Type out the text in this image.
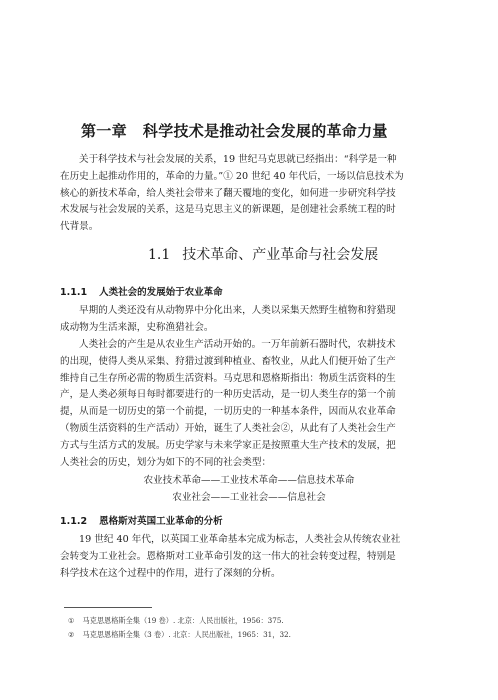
第一章 科学技术是推动社会发展的革命力量
关于科学技术与社会发展的关系，19 世纪马克思就已经指出：“科学是一种
在历史上起推动作用的，革命的力量。”① 20 世纪 40 年代后，一场以信息技术为
核心的新技术革命，给人类社会带来了翻天覆地的变化，如何进一步研究科学技
术发展与社会发展的关系，这是马克思主义的新课题，是创建社会系统工程的时
代背景。
1.1 技术革命、产业革命与社会发展
1.1.1 人类社会的发展始于农业革命
早期的人类还没有从动物界中分化出来，人类以采集天然野生植物和狩猎现
成动物为生活来源，史称渔猎社会。
人类社会的产生是从农业生产活动开始的。一万年前新石器时代，农耕技术
的出现，使得人类从采集、狩猎过渡到种植业、畜牧业，从此人们便开始了生产
维持自己生存所必需的物质生活资料。马克思和恩格斯指出：物质生活资料的生
产，是人类必须每日每时都要进行的一种历史活动，是一切人类生存的第一个前
提，从而是一切历史的第一个前提，一切历史的一种基本条件，因而从农业革命
（物质生活资料的生产活动）开始，诞生了人类社会②，从此有了人类社会生产
方式与生活方式的发展。历史学家与未来学家正是按照重大生产技术的发展，把
人类社会的历史，划分为如下的不同的社会类型：
农业技术革命——工业技术革命——信息技术革命
农业社会——工业社会——信息社会
1.1.2 恩格斯对英国工业革命的分析
19 世纪 40 年代，以英国工业革命基本完成为标志，人类社会从传统农业社
会转变为工业社会。恩格斯对工业革命引发的这一伟大的社会转变过程，特别是
科学技术在这个过程中的作用，进行了深刻的分析。
① 马克思恩格斯全集（19 卷）. 北京：人民出版社，1956：375.
② 马克思恩格斯全集（3 卷）. 北京：人民出版社，1965：31，32.
